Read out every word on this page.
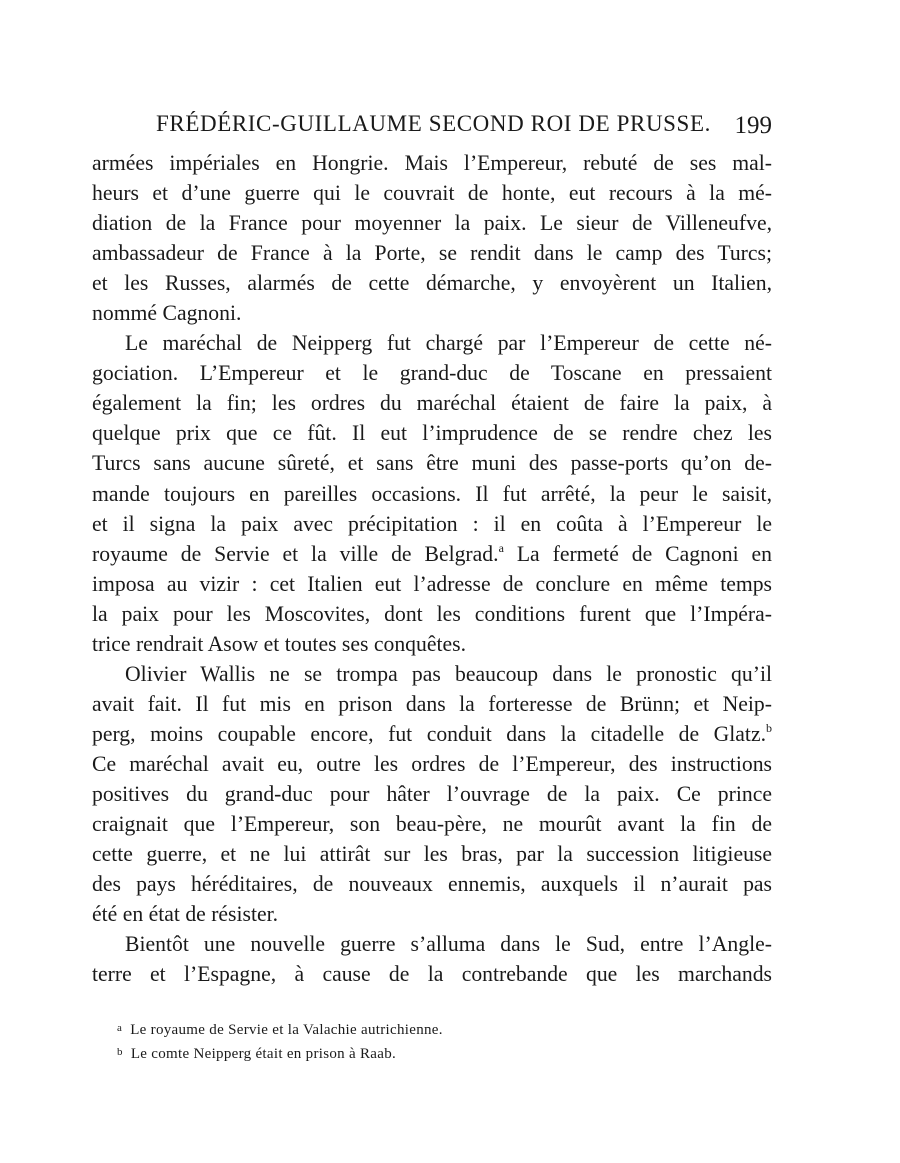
FRÉDÉRIC-GUILLAUME SECOND ROI DE PRUSSE. 199
armées impériales en Hongrie. Mais l’Empereur, rebuté de ses mal-
heurs et d’une guerre qui le couvrait de honte, eut recours à la mé-
diation de la France pour moyenner la paix. Le sieur de Villeneufve,
ambassadeur de France à la Porte, se rendit dans le camp des Turcs;
et les Russes, alarmés de cette démarche, y envoyèrent un Italien,
nommé Cagnoni.
Le maréchal de Neipperg fut chargé par l’Empereur de cette né-
gociation. L’Empereur et le grand-duc de Toscane en pressaient
également la fin; les ordres du maréchal étaient de faire la paix, à
quelque prix que ce fût. Il eut l’imprudence de se rendre chez les
Turcs sans aucune sûreté, et sans être muni des passe-ports qu’on de-
mande toujours en pareilles occasions. Il fut arrêté, la peur le saisit,
et il signa la paix avec précipitation : il en coûta à l’Empereur le
royaume de Servie et la ville de Belgrad.$^a$ La fermeté de Cagnoni en
imposa au vizir : cet Italien eut l’adresse de conclure en même temps
la paix pour les Moscovites, dont les conditions furent que l’Impéra-
trice rendrait Asow et toutes ses conquêtes.
Olivier Wallis ne se trompa pas beaucoup dans le pronostic qu’il
avait fait. Il fut mis en prison dans la forteresse de Brünn; et Neip-
perg, moins coupable encore, fut conduit dans la citadelle de Glatz.$^b$
Ce maréchal avait eu, outre les ordres de l’Empereur, des instructions
positives du grand-duc pour hâter l’ouvrage de la paix. Ce prince
craignait que l’Empereur, son beau-père, ne mourût avant la fin de
cette guerre, et ne lui attirât sur les bras, par la succession litigieuse
des pays héréditaires, de nouveaux ennemis, auxquels il n’aurait pas
été en état de résister.
Bientôt une nouvelle guerre s’alluma dans le Sud, entre l’Angle-
terre et l’Espagne, à cause de la contrebande que les marchands
$^a$ Le royaume de Servie et la Valachie autrichienne.
$^b$ Le comte Neipperg était en prison à Raab.
